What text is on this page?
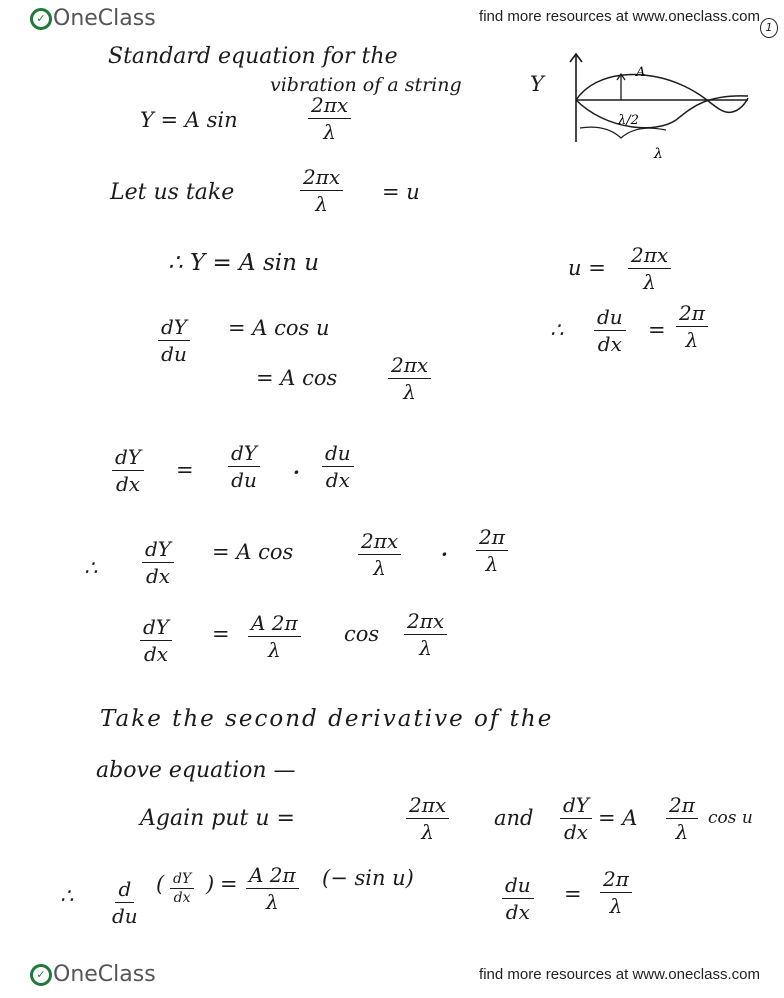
✓ OneClass	find more resources at www.oneclass.com
1
A
λ/2
λ
Y
Standard equation for the
vibration of a string
Y = A sin	$\frac{2\pi x}{\lambda}$
Let us take	$\frac{2\pi x}{\lambda} = u$
∴ Y = A sin u	$u = \frac{2\pi x}{\lambda}$
∴ $\frac{du}{dx} = \frac{2\pi}{\lambda}$
$\frac{dY}{du} = A$ cos u
= A cos	$\frac{2\pi x}{\lambda}$
$\frac{dY}{dx} = \frac{dY}{du} \cdot \frac{du}{dx}$
∴ $\frac{dY}{dx} = A$ cos	$\frac{2\pi x}{\lambda} \cdot \frac{2\pi}{\lambda}$
$\frac{dY}{dx} = \frac{A 2\pi}{\lambda}$ $\cos \frac{2\pi x}{\lambda}$
Take the second derivative of the
above equation —
Again put u =	$\frac{2\pi x}{\lambda}$ and $\frac{dY}{dx} = A \frac{2\pi}{\lambda}$ cos u
∴ $\frac{d}{du}$ ( $\frac{dY}{dx}$ ) = $\frac{A 2\pi}{\lambda}$ (− sin u)	$\frac{du}{dx} = \frac{2\pi}{\lambda}$
✓ OneClass	find more resources at www.oneclass.com
